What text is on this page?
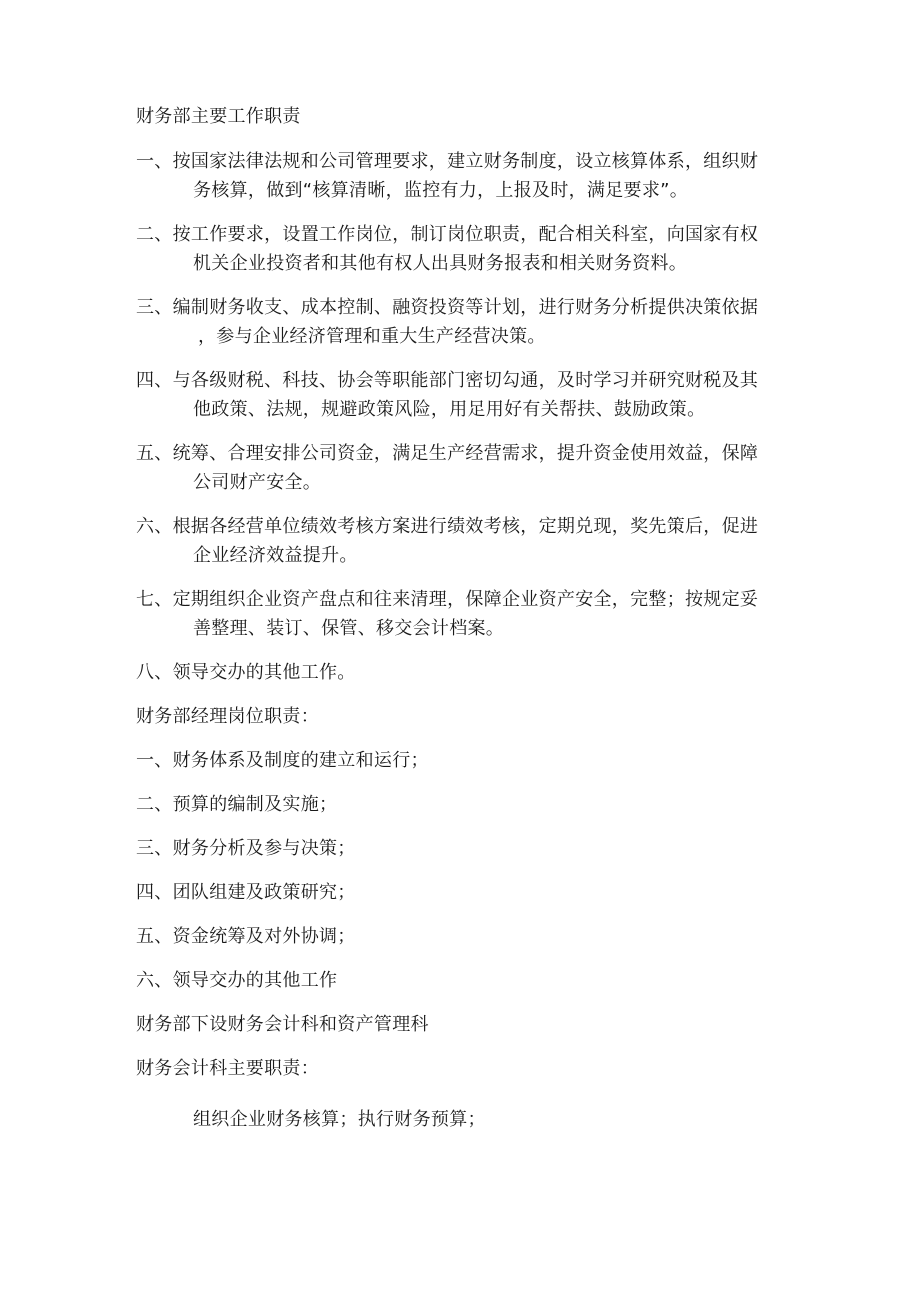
财务部主要工作职责
一、按国家法律法规和公司管理要求，建立财务制度，设立核算体系，组织财
务核算，做到“核算清晰，监控有力，上报及时，满足要求”。
二、按工作要求，设置工作岗位，制订岗位职责，配合相关科室，向国家有权
机关企业投资者和其他有权人出具财务报表和相关财务资料。
三、编制财务收支、成本控制、融资投资等计划，进行财务分析提供决策依据
，参与企业经济管理和重大生产经营决策。
四、与各级财税、科技、协会等职能部门密切勾通，及时学习并研究财税及其
他政策、法规，规避政策风险，用足用好有关帮扶、鼓励政策。
五、统筹、合理安排公司资金，满足生产经营需求，提升资金使用效益，保障
公司财产安全。
六、根据各经营单位绩效考核方案进行绩效考核，定期兑现，奖先策后，促进
企业经济效益提升。
七、定期组织企业资产盘点和往来清理，保障企业资产安全，完整；按规定妥
善整理、装订、保管、移交会计档案。
八、领导交办的其他工作。
财务部经理岗位职责：
一、财务体系及制度的建立和运行；
二、预算的编制及实施；
三、财务分析及参与决策；
四、团队组建及政策研究；
五、资金统筹及对外协调；
六、领导交办的其他工作
财务部下设财务会计科和资产管理科
财务会计科主要职责：
组织企业财务核算；执行财务预算；
